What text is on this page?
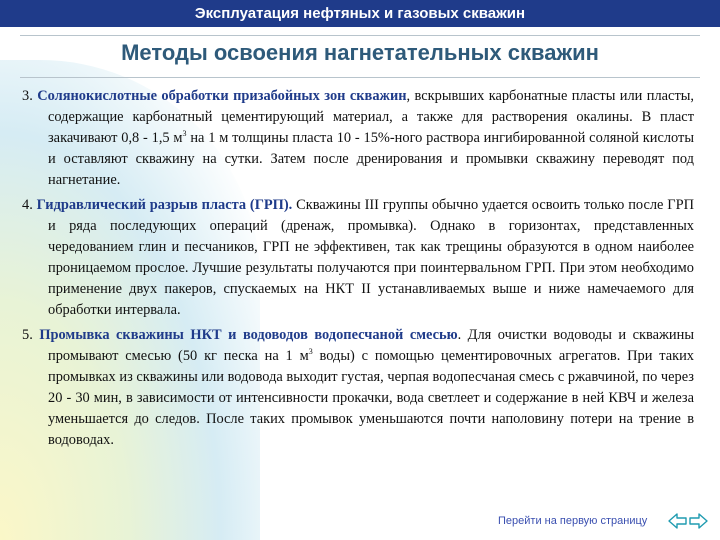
Эксплуатация нефтяных и газовых скважин
Методы освоения нагнетательных скважин

3. Солянокислотные обработки призабойных зон скважин, вскрывших карбонатные пласты или пласты, содержащие карбонатный цементирующий материал, а также для растворения окалины. В пласт закачивают 0,8 - 1,5 $м^3$ на 1 м толщины пласта 10 - 15%-ного раствора ингибированной соляной кислоты и оставляют скважину на сутки. Затем после дренирования и промывки скважину переводят под нагнетание.

4. Гидравлический разрыв пласта (ГРП). Скважины III группы обычно удается освоить только после ГРП и ряда последующих операций (дренаж, промывка). Однако в горизонтах, представленных чередованием глин и песчаников, ГРП не эффективен, так как трещины образуются в одном наиболее проницаемом прослое. Лучшие результаты получаются при поинтервальном ГРП. При этом необходимо применение двух пакеров, спускаемых на НКТ II устанавливаемых выше и ниже намечаемого для обработки интервала.

5. Промывка скважины НКТ и водоводов водопесчаной смесью. Для очистки водоводы и скважины промывают смесью (50 кг песка на 1 $м^3$ воды) с помощью цементировочных агрегатов. При таких промывках из скважины или водовода выходит густая, черпая водопесчаная смесь с ржавчиной, по через 20 - 30 мин, в зависимости от интенсивности прокачки, вода светлеет и содержание в ней КВЧ и железа уменьшается до следов. После таких промывок уменьшаются почти наполовину потери на трение в водоводах.

Перейти на первую страницу
